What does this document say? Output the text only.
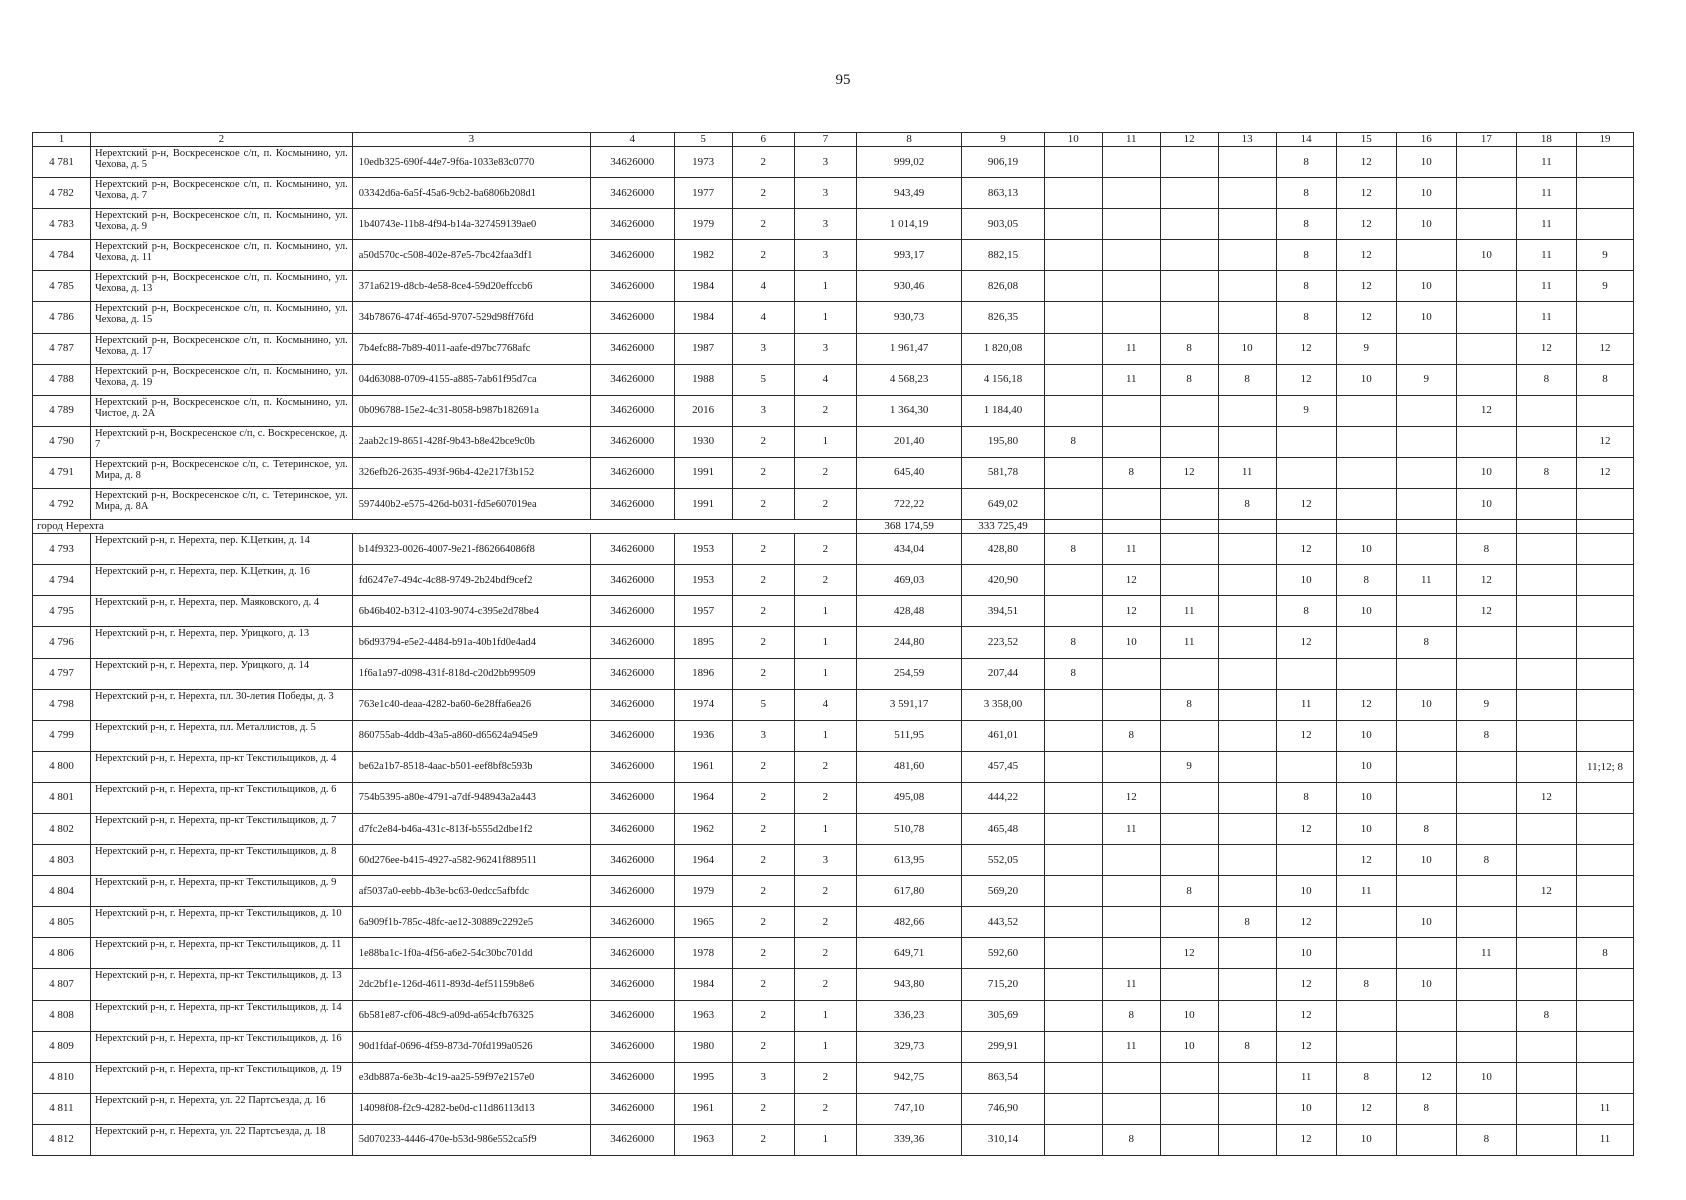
95
1	2	3	4	5	6	7	8	9	10	11	12	13	14	15	16	17	18	19
4 781	Нерехтский р-н, Воскресенское с/п, п. Космынино, ул. Чехова, д. 5	10edb325-690f-44e7-9f6a-1033e83c0770	34626000	1973	2	3	999,02	906,19					8	12	10		11	
4 782	Нерехтский р-н, Воскресенское с/п, п. Космынино, ул. Чехова, д. 7	03342d6a-6a5f-45a6-9cb2-ba6806b208d1	34626000	1977	2	3	943,49	863,13					8	12	10		11	
4 783	Нерехтский р-н, Воскресенское с/п, п. Космынино, ул. Чехова, д. 9	1b40743e-11b8-4f94-b14a-327459139ae0	34626000	1979	2	3	1 014,19	903,05					8	12	10		11	
4 784	Нерехтский р-н, Воскресенское с/п, п. Космынино, ул. Чехова, д. 11	a50d570c-c508-402e-87e5-7bc42faa3df1	34626000	1982	2	3	993,17	882,15					8	12		10	11	9
4 785	Нерехтский р-н, Воскресенское с/п, п. Космынино, ул. Чехова, д. 13	371a6219-d8cb-4e58-8ce4-59d20effccb6	34626000	1984	4	1	930,46	826,08					8	12	10		11	9
4 786	Нерехтский р-н, Воскресенское с/п, п. Космынино, ул. Чехова, д. 15	34b78676-474f-465d-9707-529d98ff76fd	34626000	1984	4	1	930,73	826,35					8	12	10		11	
4 787	Нерехтский р-н, Воскресенское с/п, п. Космынино, ул. Чехова, д. 17	7b4efc88-7b89-4011-aafe-d97bc7768afc	34626000	1987	3	3	1 961,47	1 820,08		11	8	10	12	9			12	12
4 788	Нерехтский р-н, Воскресенское с/п, п. Космынино, ул. Чехова, д. 19	04d63088-0709-4155-a885-7ab61f95d7ca	34626000	1988	5	4	4 568,23	4 156,18		11	8	8	12	10	9		8	8
4 789	Нерехтский р-н, Воскресенское с/п, п. Космынино, ул. Чистое, д. 2А	0b096788-15e2-4c31-8058-b987b182691a	34626000	2016	3	2	1 364,30	1 184,40					9			12		
4 790	Нерехтский р-н, Воскресенское с/п, с. Воскресенское, д. 7	2aab2c19-8651-428f-9b43-b8e42bce9c0b	34626000	1930	2	1	201,40	195,80	8									12
4 791	Нерехтский р-н, Воскресенское с/п, с. Тетеринское, ул. Мира, д. 8	326efb26-2635-493f-96b4-42e217f3b152	34626000	1991	2	2	645,40	581,78		8	12	11				10	8	12
4 792	Нерехтский р-н, Воскресенское с/п, с. Тетеринское, ул. Мира, д. 8А	597440b2-e575-426d-b031-fd5e607019ea	34626000	1991	2	2	722,22	649,02				8	12			10		
город Нерехта							368 174,59	333 725,49										
4 793	Нерехтский р-н, г. Нерехта, пер. К.Цеткин, д. 14	b14f9323-0026-4007-9e21-f862664086f8	34626000	1953	2	2	434,04	428,80	8	11			12	10		8		
4 794	Нерехтский р-н, г. Нерехта, пер. К.Цеткин, д. 16	fd6247e7-494c-4c88-9749-2b24bdf9cef2	34626000	1953	2	2	469,03	420,90		12			10	8	11	12		
4 795	Нерехтский р-н, г. Нерехта, пер. Маяковского, д. 4	6b46b402-b312-4103-9074-c395e2d78be4	34626000	1957	2	1	428,48	394,51		12	11		8	10		12		
4 796	Нерехтский р-н, г. Нерехта, пер. Урицкого, д. 13	b6d93794-e5e2-4484-b91a-40b1fd0e4ad4	34626000	1895	2	1	244,80	223,52	8	10	11		12		8			
4 797	Нерехтский р-н, г. Нерехта, пер. Урицкого, д. 14	1f6a1a97-d098-431f-818d-c20d2bb99509	34626000	1896	2	1	254,59	207,44	8									
4 798	Нерехтский р-н, г. Нерехта, пл. 30-летия Победы, д. 3	763e1c40-deaa-4282-ba60-6e28ffa6ea26	34626000	1974	5	4	3 591,17	3 358,00			8		11	12	10	9		
4 799	Нерехтский р-н, г. Нерехта, пл. Металлистов, д. 5	860755ab-4ddb-43a5-a860-d65624a945e9	34626000	1936	3	1	511,95	461,01		8			12	10		8		
4 800	Нерехтский р-н, г. Нерехта, пр-кт Текстильщиков, д. 4	be62a1b7-8518-4aac-b501-eef8bf8c593b	34626000	1961	2	2	481,60	457,45			9			10				11;12; 8
4 801	Нерехтский р-н, г. Нерехта, пр-кт Текстильщиков, д. 6	754b5395-a80e-4791-a7df-948943a2a443	34626000	1964	2	2	495,08	444,22		12			8	10			12	
4 802	Нерехтский р-н, г. Нерехта, пр-кт Текстильщиков, д. 7	d7fc2e84-b46a-431c-813f-b555d2dbe1f2	34626000	1962	2	1	510,78	465,48		11			12	10	8			
4 803	Нерехтский р-н, г. Нерехта, пр-кт Текстильщиков, д. 8	60d276ee-b415-4927-a582-96241f889511	34626000	1964	2	3	613,95	552,05						12	10	8		
4 804	Нерехтский р-н, г. Нерехта, пр-кт Текстильщиков, д. 9	af5037a0-eebb-4b3e-bc63-0edcc5afbfdc	34626000	1979	2	2	617,80	569,20			8		10	11			12	
4 805	Нерехтский р-н, г. Нерехта, пр-кт Текстильщиков, д. 10	6a909f1b-785c-48fc-ae12-30889c2292e5	34626000	1965	2	2	482,66	443,52				8	12		10			
4 806	Нерехтский р-н, г. Нерехта, пр-кт Текстильщиков, д. 11	1e88ba1c-1f0a-4f56-a6e2-54c30bc701dd	34626000	1978	2	2	649,71	592,60			12		10			11		8
4 807	Нерехтский р-н, г. Нерехта, пр-кт Текстильщиков, д. 13	2dc2bf1e-126d-4611-893d-4ef51159b8e6	34626000	1984	2	2	943,80	715,20		11			12	8	10			
4 808	Нерехтский р-н, г. Нерехта, пр-кт Текстильщиков, д. 14	6b581e87-cf06-48c9-a09d-a654cfb76325	34626000	1963	2	1	336,23	305,69		8	10		12				8	
4 809	Нерехтский р-н, г. Нерехта, пр-кт Текстильщиков, д. 16	90d1fdaf-0696-4f59-873d-70fd199a0526	34626000	1980	2	1	329,73	299,91		11	10	8	12					
4 810	Нерехтский р-н, г. Нерехта, пр-кт Текстильщиков, д. 19	e3db887a-6e3b-4c19-aa25-59f97e2157e0	34626000	1995	3	2	942,75	863,54					11	8	12	10		
4 811	Нерехтский р-н, г. Нерехта, ул. 22 Партсъезда, д. 16	14098f08-f2c9-4282-be0d-c11d86113d13	34626000	1961	2	2	747,10	746,90					10	12	8			11
4 812	Нерехтский р-н, г. Нерехта, ул. 22 Партсъезда, д. 18	5d070233-4446-470e-b53d-986e552ca5f9	34626000	1963	2	1	339,36	310,14		8			12	10		8		11
